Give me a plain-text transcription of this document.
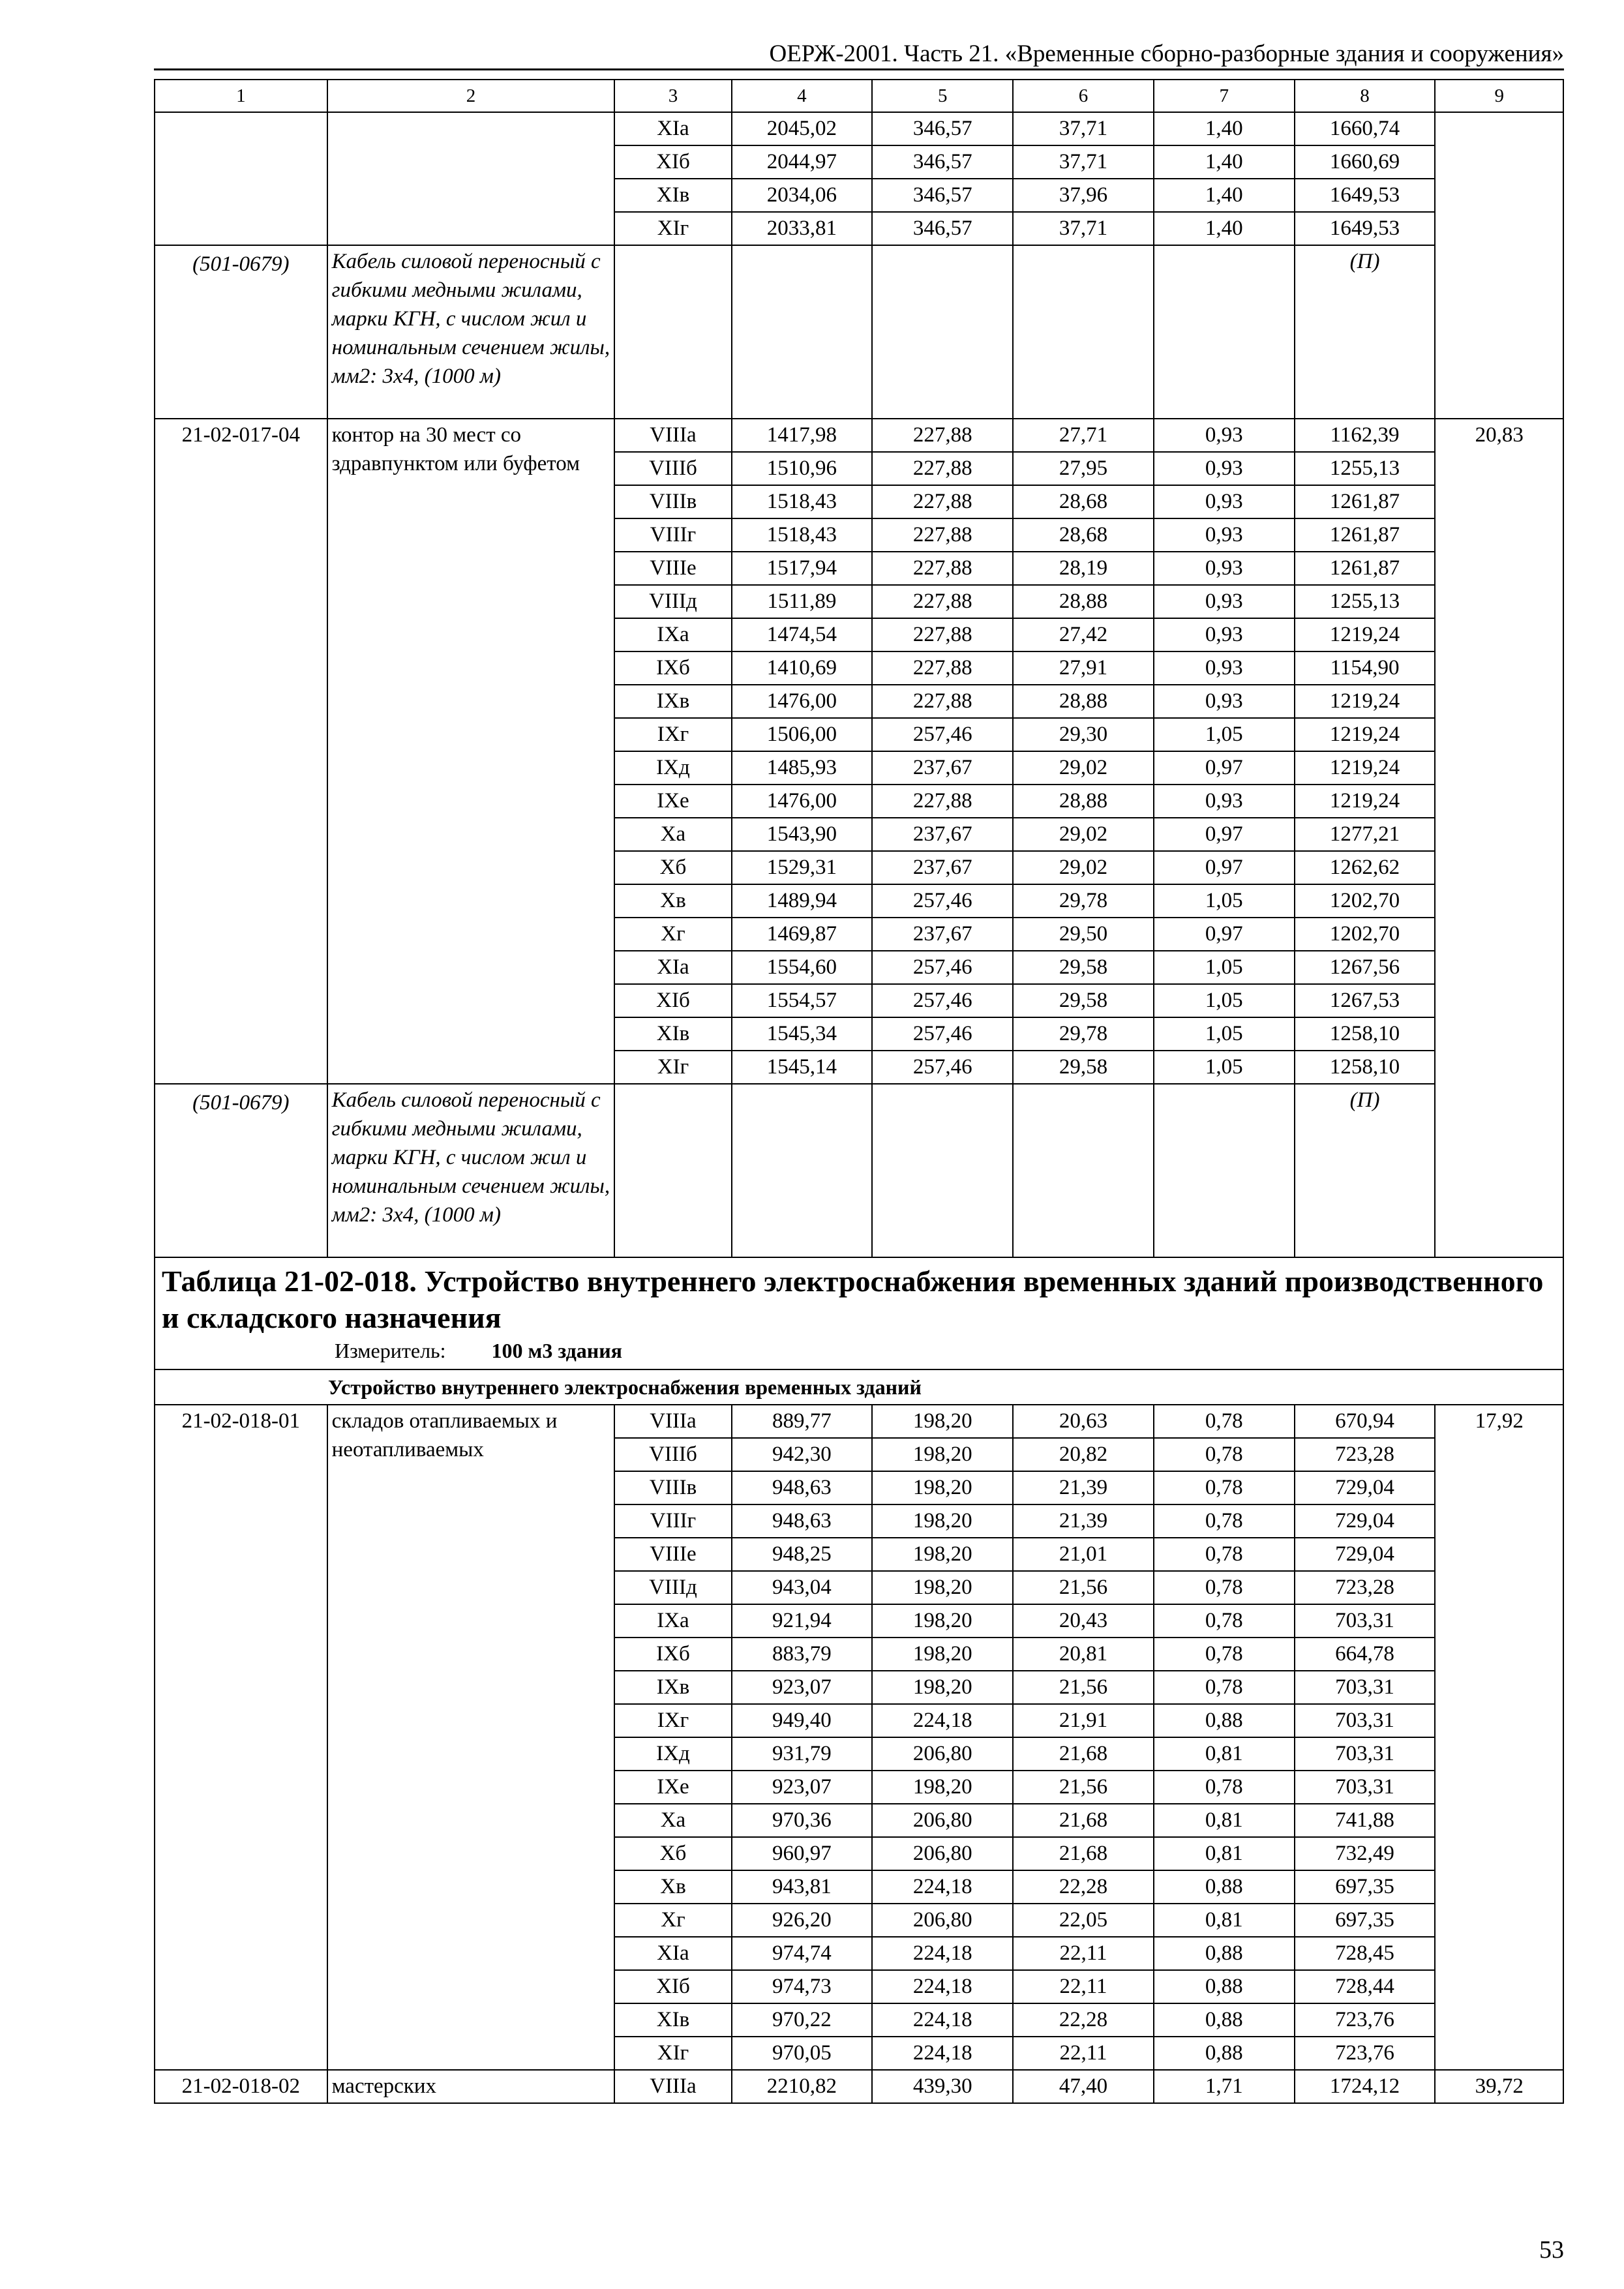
ОЕРЖ-2001. Часть 21. «Временные сборно-разборные здания и сооружения»
1	2	3	4	5	6	7	8	9
		XIа	2045,02	346,57	37,71	1,40	1660,74	
		XIб	2044,97	346,57	37,71	1,40	1660,69	
		XIв	2034,06	346,57	37,96	1,40	1649,53	
		XIг	2033,81	346,57	37,71	1,40	1649,53	

(501-0679)	Кабель силовой переносный с гибкими медными жилами, марки КГН, с числом жил и номинальным сечением жилы, мм2: 3х4, (1000 м)						(П)	

21-02-017-04	контор на 30 мест со здравпунктом или буфетом	VIIIа	1417,98	227,88	27,71	0,93	1162,39	20,83
		VIIIб	1510,96	227,88	27,95	0,93	1255,13	
		VIIIв	1518,43	227,88	28,68	0,93	1261,87	
		VIIIг	1518,43	227,88	28,68	0,93	1261,87	
		VIIIе	1517,94	227,88	28,19	0,93	1261,87	
		VIIIд	1511,89	227,88	28,88	0,93	1255,13	
		IXа	1474,54	227,88	27,42	0,93	1219,24	
		IXб	1410,69	227,88	27,91	0,93	1154,90	
		IXв	1476,00	227,88	28,88	0,93	1219,24	
		IXг	1506,00	257,46	29,30	1,05	1219,24	
		IXд	1485,93	237,67	29,02	0,97	1219,24	
		IXе	1476,00	227,88	28,88	0,93	1219,24	
		Xа	1543,90	237,67	29,02	0,97	1277,21	
		Xб	1529,31	237,67	29,02	0,97	1262,62	
		Xв	1489,94	257,46	29,78	1,05	1202,70	
		Xг	1469,87	237,67	29,50	0,97	1202,70	
		XIа	1554,60	257,46	29,58	1,05	1267,56	
		XIб	1554,57	257,46	29,58	1,05	1267,53	
		XIв	1545,34	257,46	29,78	1,05	1258,10	
		XIг	1545,14	257,46	29,58	1,05	1258,10	

(501-0679)	Кабель силовой переносный с гибкими медными жилами, марки КГН, с числом жил и номинальным сечением жилы, мм2: 3х4, (1000 м)						(П)	

Таблица 21-02-018. Устройство внутреннего электроснабжения временных зданий производственного и складского назначения
Измеритель: 100 м3 здания								

Устройство внутреннего электроснабжения временных зданий								
21-02-018-01	складов отапливаемых и неотапливаемых	VIIIа	889,77	198,20	20,63	0,78	670,94	17,92
		VIIIб	942,30	198,20	20,82	0,78	723,28	
		VIIIв	948,63	198,20	21,39	0,78	729,04	
		VIIIг	948,63	198,20	21,39	0,78	729,04	
		VIIIе	948,25	198,20	21,01	0,78	729,04	
		VIIIд	943,04	198,20	21,56	0,78	723,28	
		IXа	921,94	198,20	20,43	0,78	703,31	
		IXб	883,79	198,20	20,81	0,78	664,78	
		IXв	923,07	198,20	21,56	0,78	703,31	
		IXг	949,40	224,18	21,91	0,88	703,31	
		IXд	931,79	206,80	21,68	0,81	703,31	
		IXе	923,07	198,20	21,56	0,78	703,31	
		Xа	970,36	206,80	21,68	0,81	741,88	
		Xб	960,97	206,80	21,68	0,81	732,49	
		Xв	943,81	224,18	22,28	0,88	697,35	
		Xг	926,20	206,80	22,05	0,81	697,35	
		XIа	974,74	224,18	22,11	0,88	728,45	
		XIб	974,73	224,18	22,11	0,88	728,44	
		XIв	970,22	224,18	22,28	0,88	723,76	
		XIг	970,05	224,18	22,11	0,88	723,76	
21-02-018-02	мастерских	VIIIа	2210,82	439,30	47,40	1,71	1724,12	39,72
53
